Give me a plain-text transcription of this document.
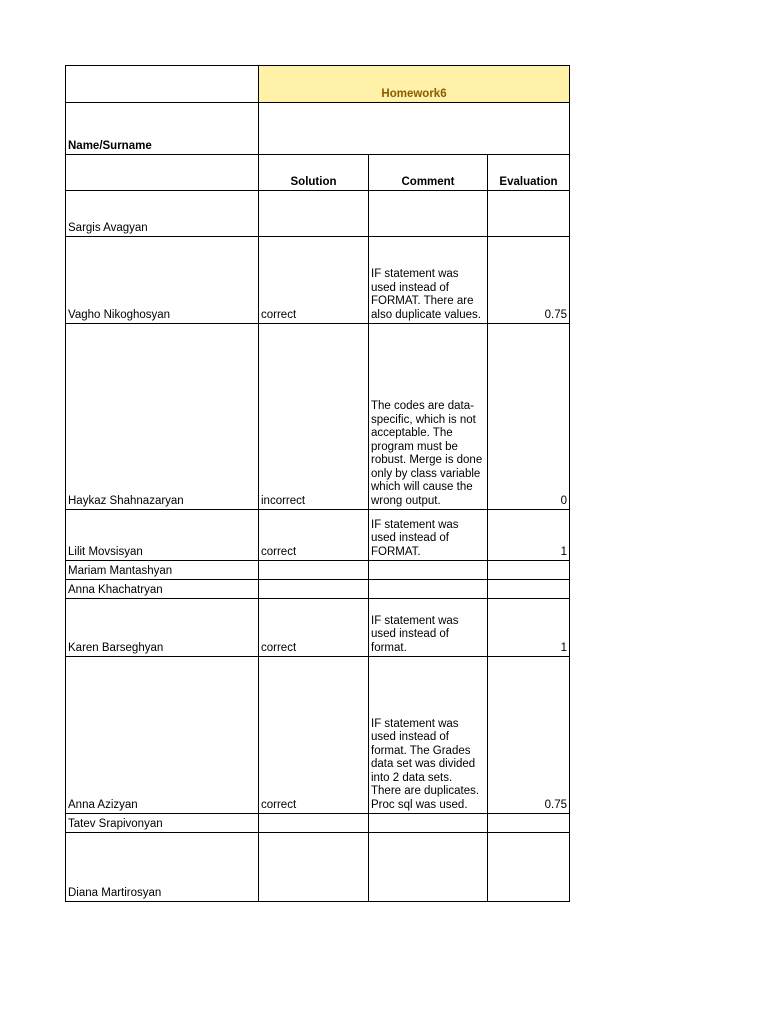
	Homework6		
Name/Surname			
	Solution	Comment	Evaluation
Sargis Avagyan			
Vagho Nikoghosyan	correct	IF statement was used instead of FORMAT. There are also duplicate values.	0.75
Haykaz Shahnazaryan	incorrect	The codes are data-specific, which is not acceptable. The program must be robust. Merge is done only by class variable which will cause the wrong output.	0
Lilit Movsisyan	correct	IF statement was used instead of FORMAT.	1
Mariam Mantashyan			
Anna Khachatryan			
Karen Barseghyan	correct	IF statement was used instead of format.	1
Anna Azizyan	correct	IF statement was used instead of format. The Grades data set was divided into 2 data sets. There are duplicates. Proc sql was used.	0.75
Tatev Srapivonyan			
Diana Martirosyan			
